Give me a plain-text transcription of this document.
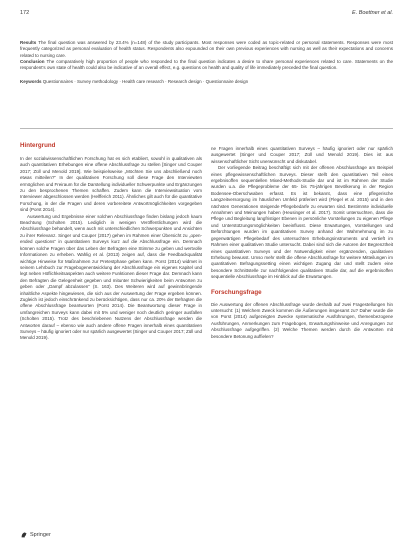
172	E. Boettner et al.

Results The final question was answered by 23.4% (n=148) of the study participants. Most responses were coded as topic-related or personal statements. Responses were most frequently categorized as personal evaluation of health status. Respondents also expounded on their own previous experiences with nursing as well as their expectations and concerns related to nursing care.

Conclusion The comparatively high proportion of people who responded to the final question indicates a desire to share personal experiences related to care. Statements on the respondent's own state of health could also be indicative of an overall effect, e.g. questions on health and quality of life immediately preceded the final question.

Keywords Questionnaires · Survey methodology · Health care research · Research design · Questionnaire design

Hintergrund

In der sozialwissenschaftlichen Forschung hat es sich etabliert, sowohl in qualitativen als auch quantitativen Erhebungen eine offene Abschlussfrage zu stellen [Singer und Couper 2017; Züll und Menold 2019]. Wie beispielsweise „Möchten Sie uns abschließend noch etwas mitteilen?“ In der qualitativen Forschung soll diese Frage den Interviewten ermöglichen und Freiraum für die Darstellung individueller Schwerpunkte und Ergänzungen zu den besprochenen Themen schaffen. Zudem kann die Interviewsituation vom Interviewer abgeschlossen werden (Helfferich 2011). Ähnliches gilt auch für die quantitative Forschung, in der die Fragen und deren vorbereitete Antwortmöglichkeiten vorgegeben sind (Porst 2014).

Auswertung und Ergebnisse einer solchen Abschlussfrage finden bislang jedoch kaum Beachtung (Scholten 2015). Lediglich in wenigen Veröffentlichungen wird die Abschlussfrage behandelt, wenn auch mit unterschiedlichen Schwerpunkten und Ansichten zu ihrer Relevanz. Singer und Couper (2017) gehen im Rahmen einer Übersicht zu „open-ended questions“ in quantitativen Surveys kurz auf die Abschlussfrage ein. Demnach können solche Fragen über das Leben der Befragten eine Stimme zu geben und wertvolle Informationen zu erheben. Wahlig et al. (2013) zeigen auf, dass die Feedbackqualität wichtige Hinweise für Maßnahmen zur Pretestphase geben kann. Porst (2014) widmet in seinem Lehrbuch zur Fragebogenentwicklung der Abschlussfrage ein eigenes Kapitel und legt neben Höflichkeitsaspekten auch weitere Funktionen dieser Frage dar. Demnach kann den Befragten die Gelegenheit gegeben und mitunter Schwierigkeiten beim Antworten zu geben oder „Dampf abzulassen“ (S. 163). Des Weiteren wird auf gewinnbringende inhaltliche Aspekte hingewiesen, die sich aus der Auswertung der Frage ergeben können. Zugleich ist jedoch einschränkend zu berücksichtigen, dass nur ca. 20% der Befragten die offene Abschlussfrage beantworten (Porst 2014). Die Beantwortung dieser Frage in umfangreichen Surveys kann dabei mit 5% und weniger noch deutlich geringer ausfallen (Scholten 2015). Trotz des beschriebenen Nutzens der Abschlussfrage werden die Antworten darauf – ebenso wie auch andere offene Fragen innerhalb eines quantitativen Surveys – häufig ignoriert oder nur spärlich ausgewertet (Singer und Couper 2017; Züll und Menold 2019).

ne Fragen innerhalb eines quantitativen Surveys – häufig ignoriert oder nur spärlich ausgewertet (Singer und Couper 2017; Züll und Menold 2019). Dies ist aus wissenschaftlicher Sicht unerwünscht und diskutabel.

Der vorliegende Beitrag beschäftigt sich mit der offenen Abschlussfrage am Beispiel eines pflegewissenschaftlichen Surveys. Dieser stellt den quantitativen Teil eines ergebnisoffen sequentiellen Mixed-Methods-Studie dar und ist im Rahmen der Studie wurden u.a. die Pflegeprobleme der 65- bis 75-jährigen Bevölkerung in der Region Bodensee-Oberschwaben erfasst. Es ist bekannt, dass eine pflegerische Langzeitversorgung im häuslichen Umfeld präferiert wird (Flegel et al. 2015) und in den nächsten Generationen steigende Pflegebedarfe zu erwarten sind. Bestimmte individuelle Annahmen und Meinungen haben (Heusinger et al. 2017). Somit untersuchten, dass die Pflege und Begleitung langfristiger Ebenen in persönliche Vorstellungen zu eigenen Pflege und Unterstützungsmöglichkeiten beeinflusst. Diese Erwartungen, Vorstellungen und Befürchtungen wurden im quantitativen Survey anhand der Wahrnehmung im zu gegenwärtigen Pflegebedarf des untersuchten Erhebungsinstruments und vertieft im Rahmen einer qualitativen Studie untersucht. Dabei sind sich die Autoren der Begrenztheit eines quantitativen Surveys und der Notwendigkeit einer ergänzenden, qualitativen Erhebung bewusst. Umso mehr stellt die offene Abschlussfrage für weitere Mitteilungen im quantitativen Befragungssetting einen wichtigen Zugang dar und stellt zudem eine besondere Schnittstelle zur nachfolgenden qualitativen Studie dar, auf die ergebnisoffen sequentielle Abschlussfrage im Hinblick auf die Erwartungen.

Forschungsfrage

Die Auswertung der offenen Abschlussfrage wurde deshalb auf zwei Fragestellungen hin untersucht: (1) Welchem Zweck kommen die Äußerungen insgesamt zu? Daher wurde die von Porst (2014) aufgezeigten Zwecke systematische Ausführungen, themenbezogene Ausführungen, Anmerkungen zum Fragebogen, Erwartungshinweise und Anregungen zur Abschlussfrage aufgegriffen. (2) Welche Themen werden durch die Antworten mit besondere Betonung auffielen?

Springer
